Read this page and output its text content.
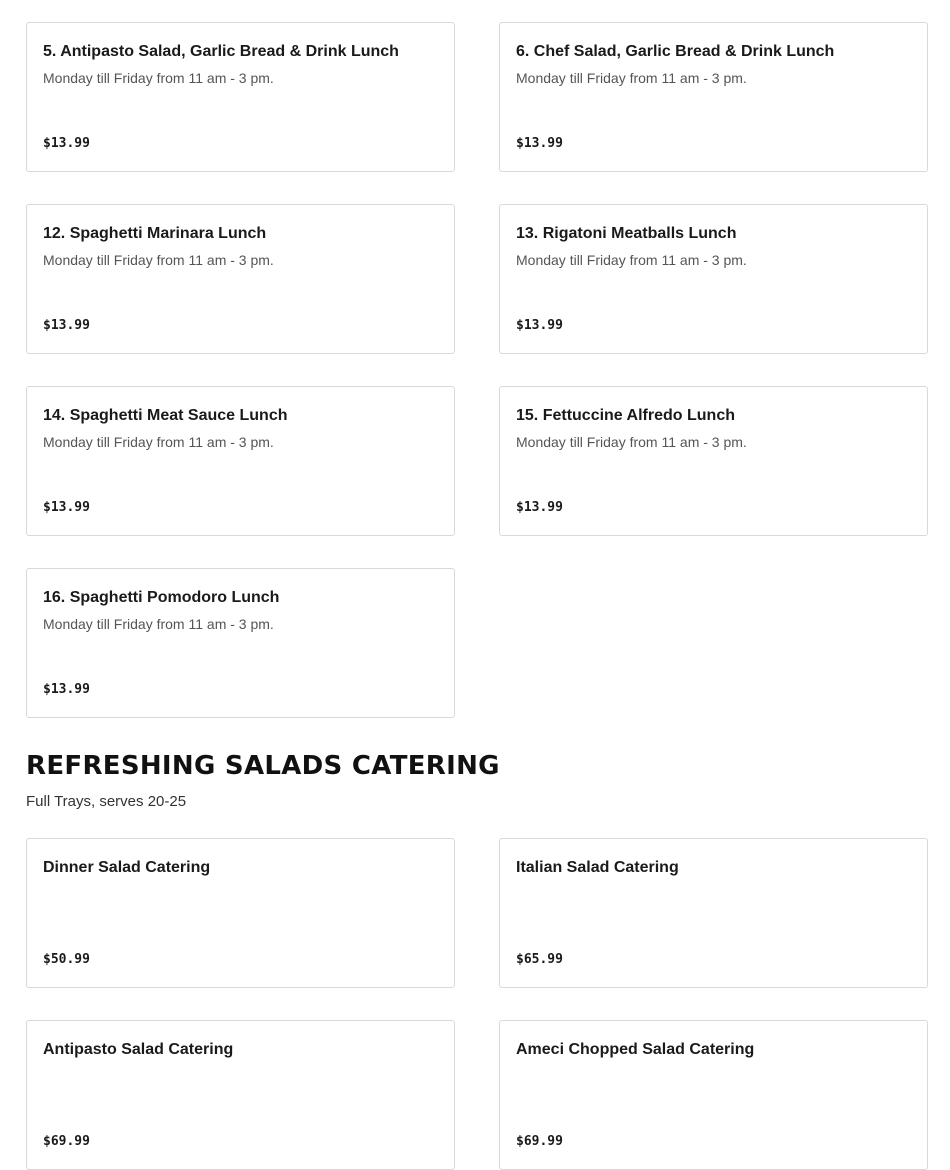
5. Antipasto Salad, Garlic Bread & Drink Lunch
Monday till Friday from 11 am - 3 pm.
$13.99
6. Chef Salad, Garlic Bread & Drink Lunch
Monday till Friday from 11 am - 3 pm.
$13.99
12. Spaghetti Marinara Lunch
Monday till Friday from 11 am - 3 pm.
$13.99
13. Rigatoni Meatballs Lunch
Monday till Friday from 11 am - 3 pm.
$13.99
14. Spaghetti Meat Sauce Lunch
Monday till Friday from 11 am - 3 pm.
$13.99
15. Fettuccine Alfredo Lunch
Monday till Friday from 11 am - 3 pm.
$13.99
16. Spaghetti Pomodoro Lunch
Monday till Friday from 11 am - 3 pm.
$13.99
REFRESHING SALADS CATERING

Full Trays, serves 20-25

Dinner Salad Catering
$50.99
Italian Salad Catering
$65.99
Antipasto Salad Catering
$69.99
Ameci Chopped Salad Catering
$69.99
